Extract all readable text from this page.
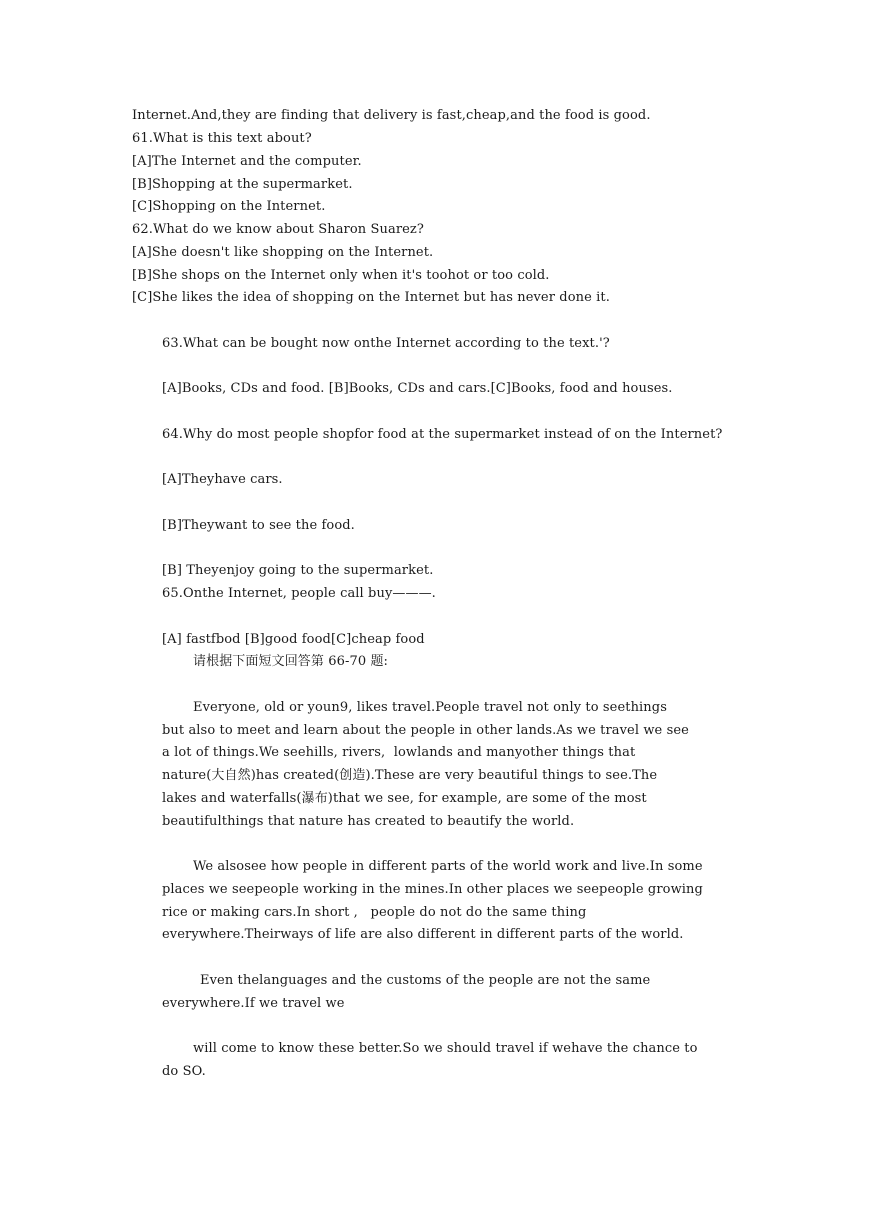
Internet.And,they are finding that delivery is fast,cheap,and the food is good.
61.What is this text about?
[A]The Internet and the computer.
[B]Shopping at the supermarket.
[C]Shopping on the Internet.
62.What do we know about Sharon Suarez?
[A]She doesn't like shopping on the Internet.
[B]She shops on the Internet only when it's toohot or too cold.
[C]She likes the idea of shopping on the Internet but has never done it.
63.What can be bought now onthe Internet according to the text.'?
[A]Books, CDs and food. [B]Books, CDs and cars.[C]Books, food and houses.
64.Why do most people shopfor food at the supermarket instead of on the Internet?
[A]Theyhave cars.
[B]Theywant to see the food.
[B] Theyenjoy going to the supermarket.
65.Onthe Internet, people call buy———.
[A] fastfbod [B]good food[C]cheap food
请根据下面短文回答第 66-70 题:
Everyone, old or youn9, likes travel.People travel not only to seethings
but also to meet and learn about the people in other lands.As we travel we see
a lot of things.We seehills, rivers,  lowlands and manyother things that
nature(大自然)has created(创造).These are very beautiful things to see.The
lakes and waterfalls(瀑布)that we see, for example, are some of the most
beautifulthings that nature has created to beautify the world.
We alsosee how people in different parts of the world work and live.In some
places we seepeople working in the mines.In other places we seepeople growing
rice or making cars.In short ,   people do not do the same thing
everywhere.Theirways of life are also different in different parts of the world.
Even thelanguages and the customs of the people are not the same
everywhere.If we travel we
will come to know these better.So we should travel if wehave the chance to
do SO.
